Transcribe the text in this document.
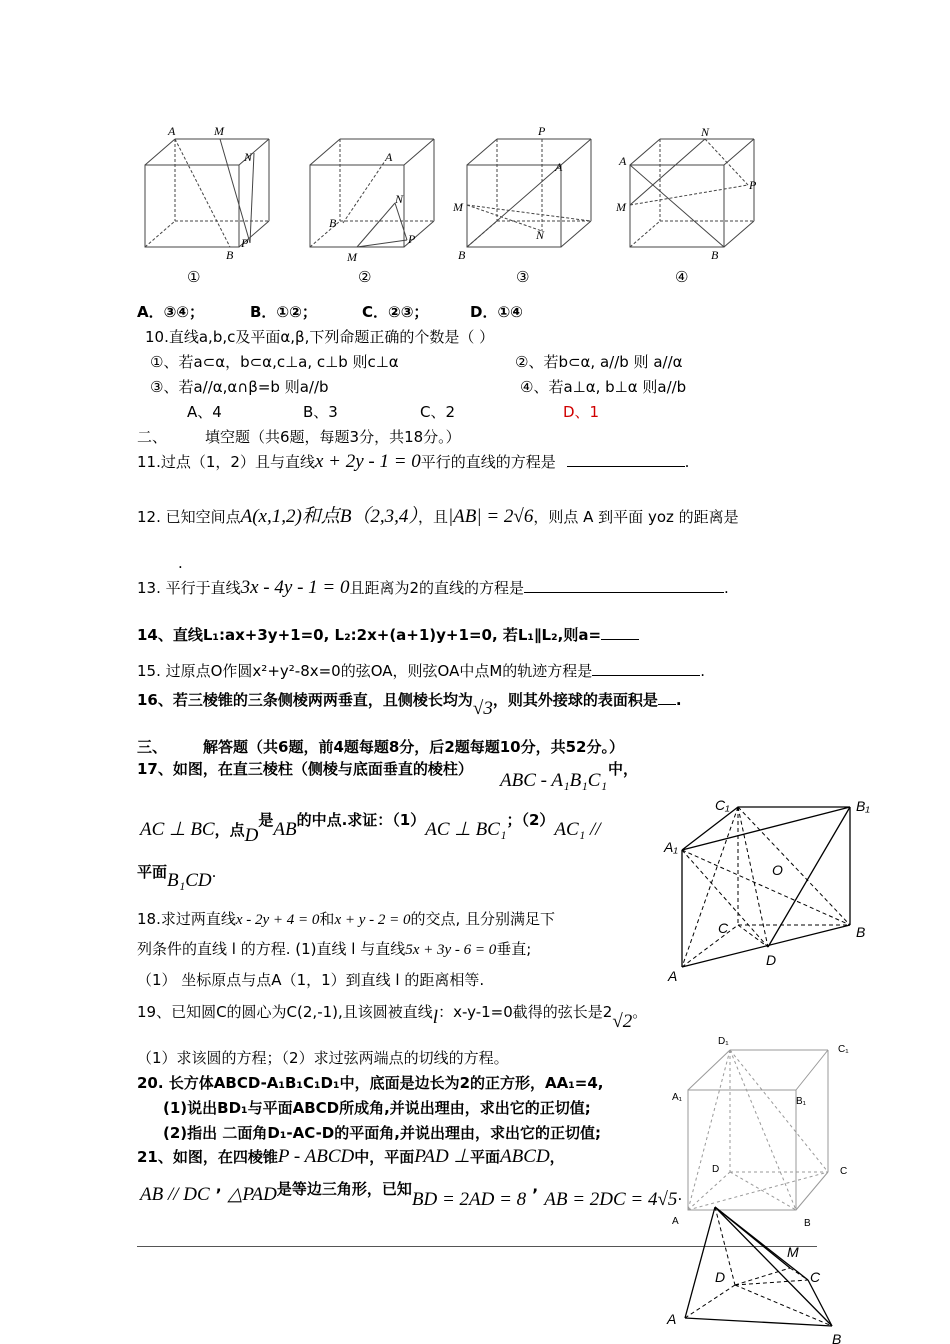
A	M
N
P
B
①
A
N
B
P
M
②
P
A
M
N
B
③
N
A
P
M
B
④
A．③④；	B．①②；	C．②③；	D．①④
10.直线a,b,c及平面α,β,下列命题正确的个数是（ ）
①、若a⊂α，b⊂α,c⊥a, c⊥b 则c⊥α	②、若b⊂α, a//b 则 a//α
③、若a//α,α∩β=b 则a//b	④、若a⊥α, b⊥α 则a//b
A、4	B、3	C、2	D、1
二、	填空题（共6题，每题3分，共18分。）
11.过点（1，2）且与直线x + 2y - 1 = 0平行的直线的方程是	.
12. 已知空间点A(x,1,2)和点B（2,3,4），且|AB| = 2√6，则点 A 到平面 yoz 的距离是
.
13. 平行于直线3x - 4y - 1 = 0且距离为2的直线的方程是	.
14、直线L₁:ax+3y+1=0, L₂:2x+(a+1)y+1=0, 若L₁∥L₂,则a=
15. 过原点O作圆x²+y²-8x=0的弦OA，则弦OA中点M的轨迹方程是	.
16、若三棱锥的三条侧棱两两垂直，且侧棱长均为√3，则其外接球的表面积是 .
三、 解答题（共6题，前4题每题8分，后2题每题10分，共52分。）
17、如图，在直三棱柱（侧棱与底面垂直的棱柱）
ABC - A₁B₁C₁
中，
AC ⊥ BC，点D是AB的中点.求证：（1）AC ⊥ BC₁；（2）AC₁ //
平面B₁CD.
C₁	B₁
A₁
O
C	B
D
A
18.求过两直线x - 2y + 4 = 0和x + y - 2 = 0的交点, 且分别满足下
列条件的直线 l 的方程. (1)直线 l 与直线5x + 3y - 6 = 0垂直;
（1） 坐标原点与点A（1，1）到直线 l 的距离相等.
19、已知圆C的圆心为C(2,-1),且该圆被直线l：x-y-1=0截得的弦长是2√2。
（1）求该圆的方程；（2）求过弦两端点的切线的方程。
20. 长方体ABCD-A₁B₁C₁D₁中，底面是边长为2的正方形，AA₁=4,
(1)说出BD₁与平面ABCD所成角,并说出理由，求出它的正切值;
(2)指出 二面角D₁-AC-D的平面角,并说出理由，求出它的正切值;
D₁
C₁
A₁	B₁
D	C
A	B
21、如图，在四棱锥P - ABCD中，平面PAD ⊥平面ABCD，
AB // DC ’ △PAD是等边三角形，已知BD = 2AD = 8 ’ AB = 2DC = 4√5.
M
D	C
A
B
